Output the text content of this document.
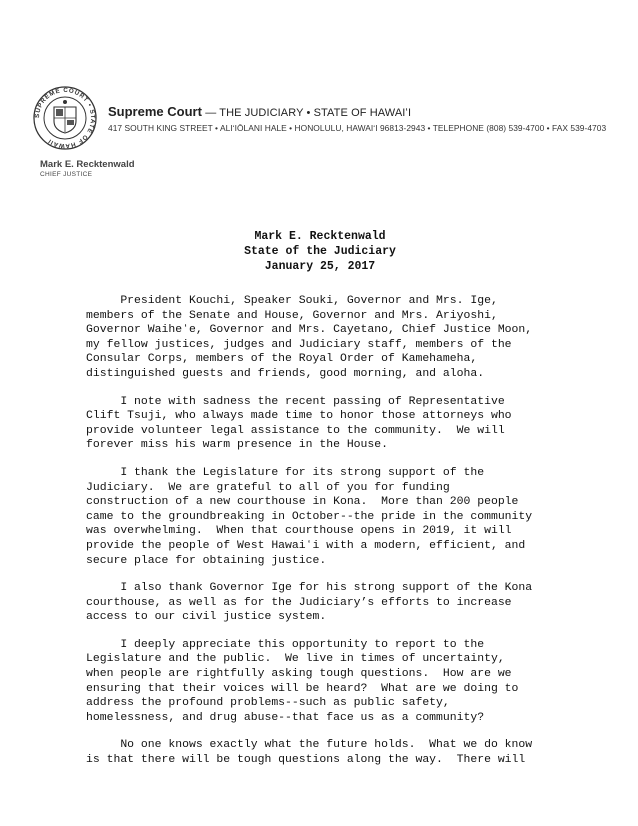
SUPREME COURT • STATE OF HAWAII
Supreme Court — THE JUDICIARY • STATE OF HAWAIʻI
417 SOUTH KING STREET • ALIʻIŌLANI HALE • HONOLULU, HAWAIʻI 96813-2943 • TELEPHONE (808) 539-4700 • FAX 539-4703
Mark E. Recktenwald
CHIEF JUSTICE
Mark E. Recktenwald
State of the Judiciary
January 25, 2017
President Kouchi, Speaker Souki, Governor and Mrs. Ige,
members of the Senate and House, Governor and Mrs. Ariyoshi,
Governor Waiheʻe, Governor and Mrs. Cayetano, Chief Justice Moon,
my fellow justices, judges and Judiciary staff, members of the
Consular Corps, members of the Royal Order of Kamehameha,
distinguished guests and friends, good morning, and aloha.
I note with sadness the recent passing of Representative
Clift Tsuji, who always made time to honor those attorneys who
provide volunteer legal assistance to the community.  We will
forever miss his warm presence in the House.
I thank the Legislature for its strong support of the
Judiciary.  We are grateful to all of you for funding
construction of a new courthouse in Kona.  More than 200 people
came to the groundbreaking in October--the pride in the community
was overwhelming.  When that courthouse opens in 2019, it will
provide the people of West Hawaiʻi with a modern, efficient, and
secure place for obtaining justice.
I also thank Governor Ige for his strong support of the Kona
courthouse, as well as for the Judiciary’s efforts to increase
access to our civil justice system.
I deeply appreciate this opportunity to report to the
Legislature and the public.  We live in times of uncertainty,
when people are rightfully asking tough questions.  How are we
ensuring that their voices will be heard?  What are we doing to
address the profound problems--such as public safety,
homelessness, and drug abuse--that face us as a community?
No one knows exactly what the future holds.  What we do know
is that there will be tough questions along the way.  There will
